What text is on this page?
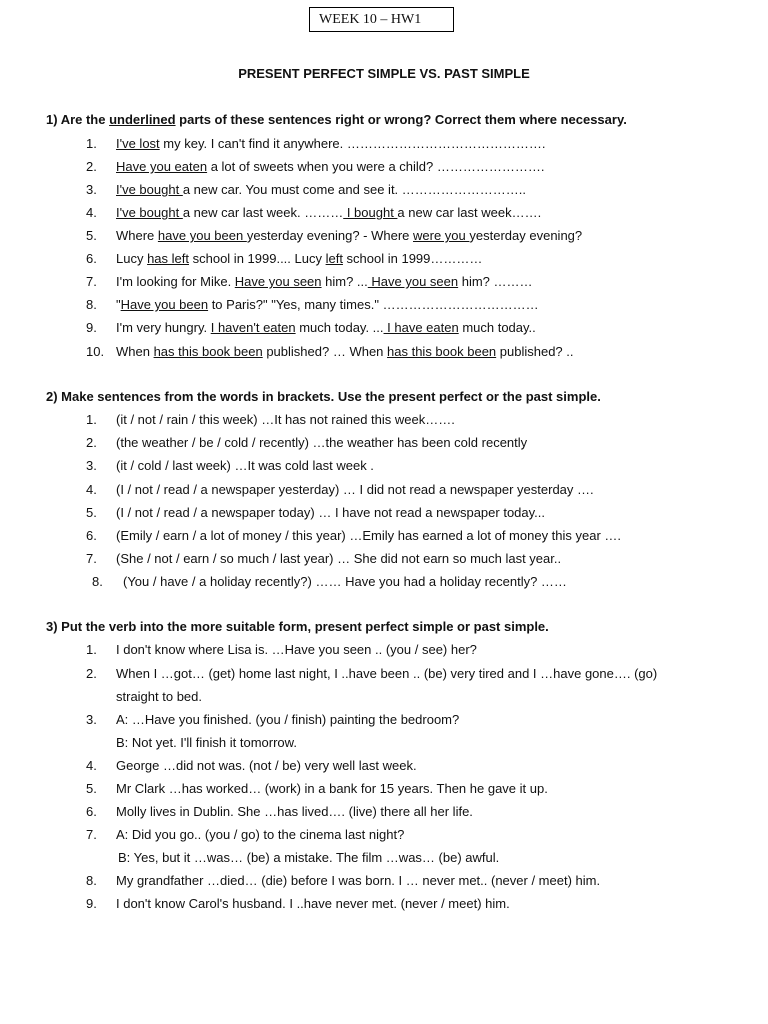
WEEK 10 – HW1
PRESENT PERFECT SIMPLE VS. PAST SIMPLE
1) Are the underlined parts of these sentences right or wrong? Correct them where necessary.
1.	I've lost my key. I can't find it anywhere. ……………………………………….
2.	Have you eaten a lot of sweets when you were a child? …………………….
3.	I've bought a new car. You must come and see it. ………………………..
4.	I've bought a new car last week. ……… I bought a new car last week…….
5.	Where have you been yesterday evening? - Where were you yesterday evening?
6.	Lucy has left school in 1999.... Lucy left school in 1999…………
7.	I'm looking for Mike. Have you seen him? ... Have you seen him? ………
8.	"Have you been to Paris?" "Yes, many times." ………………………………
9.	I'm very hungry. I haven't eaten much today. ... I have eaten much today..
10. When has this book been published? … When has this book been published? ..
2) Make sentences from the words in brackets. Use the present perfect or the past simple.
1.	(it / not / rain / this week) …It has not rained this week…….
2.	(the weather / be / cold / recently) …the weather has been cold recently
3.	(it / cold / last week) …It was cold last week .
4.	(I / not / read / a newspaper yesterday) … I did not read a newspaper yesterday ….
5.	(I / not / read / a newspaper today) … I have not read a newspaper today...
6.	(Emily / earn / a lot of money / this year) …Emily has earned a lot of money this year ….
7.	(She / not / earn / so much / last year) … She did not earn so much last year..
8.	(You / have / a holiday recently?) …… Have you had a holiday recently? ……
3) Put the verb into the more suitable form, present perfect simple or past simple.
1.	I don't know where Lisa is. …Have you seen .. (you / see) her?
2.	When I …got… (get) home last night, I ..have been .. (be) very tired and I …have gone…. (go)
straight to bed.
3.	A: …Have you finished. (you / finish) painting the bedroom?
B: Not yet. I'll finish it tomorrow.
4.	George …did not was. (not / be) very well last week.
5.	Mr Clark …has worked… (work) in a bank for 15 years. Then he gave it up.
6.	Molly lives in Dublin. She …has lived…. (live) there all her life.
7.	A: Did you go.. (you / go) to the cinema last night?
B: Yes, but it …was… (be) a mistake. The film …was… (be) awful.
8.	My grandfather …died… (die) before I was born. I … never met.. (never / meet) him.
9.	I don't know Carol's husband. I ..have never met. (never / meet) him.
